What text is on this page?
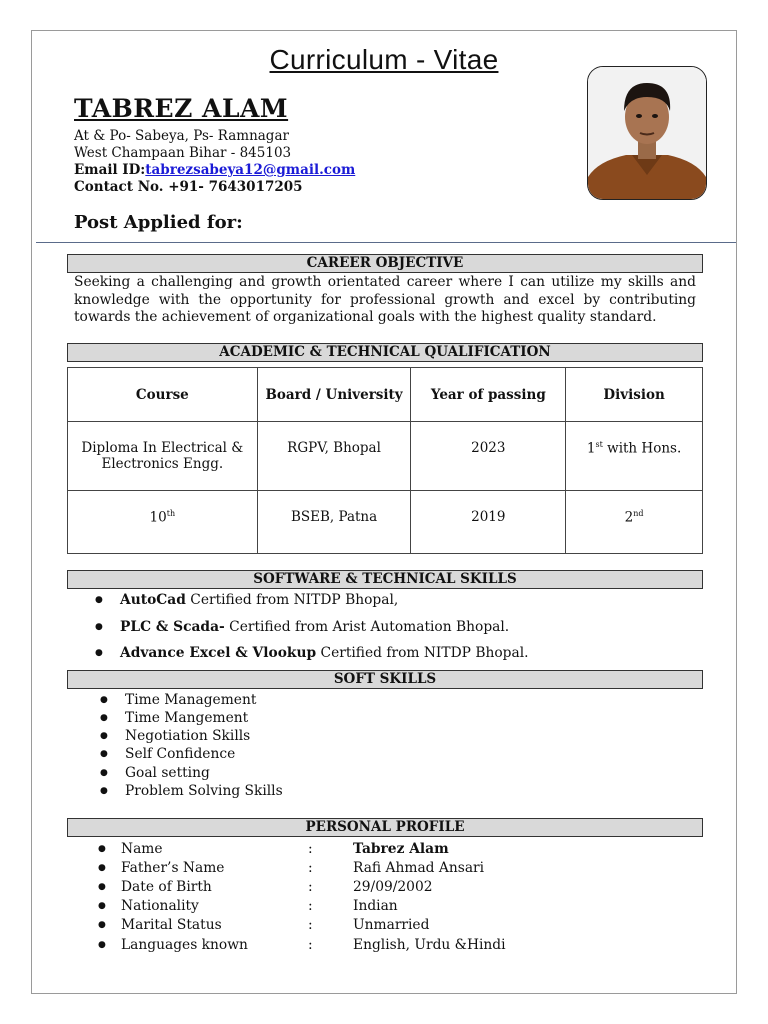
Curriculum - Vitae
TABREZ ALAM
At & Po- Sabeya, Ps- Ramnagar
West Champaan Bihar - 845103
Email ID:tabrezsabeya12@gmail.com
Contact No. +91- 7643017205
Post Applied for:
CAREER OBJECTIVE
Seeking a challenging and growth orientated career where I can utilize my skills and knowledge with the opportunity for professional growth and excel by contributing towards the achievement of organizational goals with the highest quality standard.
ACADEMIC & TECHNICAL QUALIFICATION
Course	Board / University	Year of passing	Division
Diploma In Electrical & Electronics Engg.	RGPV, Bhopal	2023	1st with Hons.
10th	BSEB, Patna	2019	2nd
SOFTWARE & TECHNICAL SKILLS
● AutoCad Certified from NITDP Bhopal,
● PLC & Scada- Certified from Arist Automation Bhopal.
● Advance Excel & Vlookup Certified from NITDP Bhopal.
SOFT SKILLS
● Time Management
● Time Mangement
● Negotiation Skills
● Self Confidence
● Goal setting
● Problem Solving Skills
PERSONAL PROFILE
● Name	:	Tabrez Alam
● Father’s Name	:	Rafi Ahmad Ansari
● Date of Birth	:	29/09/2002
● Nationality	:	Indian
● Marital Status	:	Unmarried
● Languages known	:	English, Urdu &Hindi
